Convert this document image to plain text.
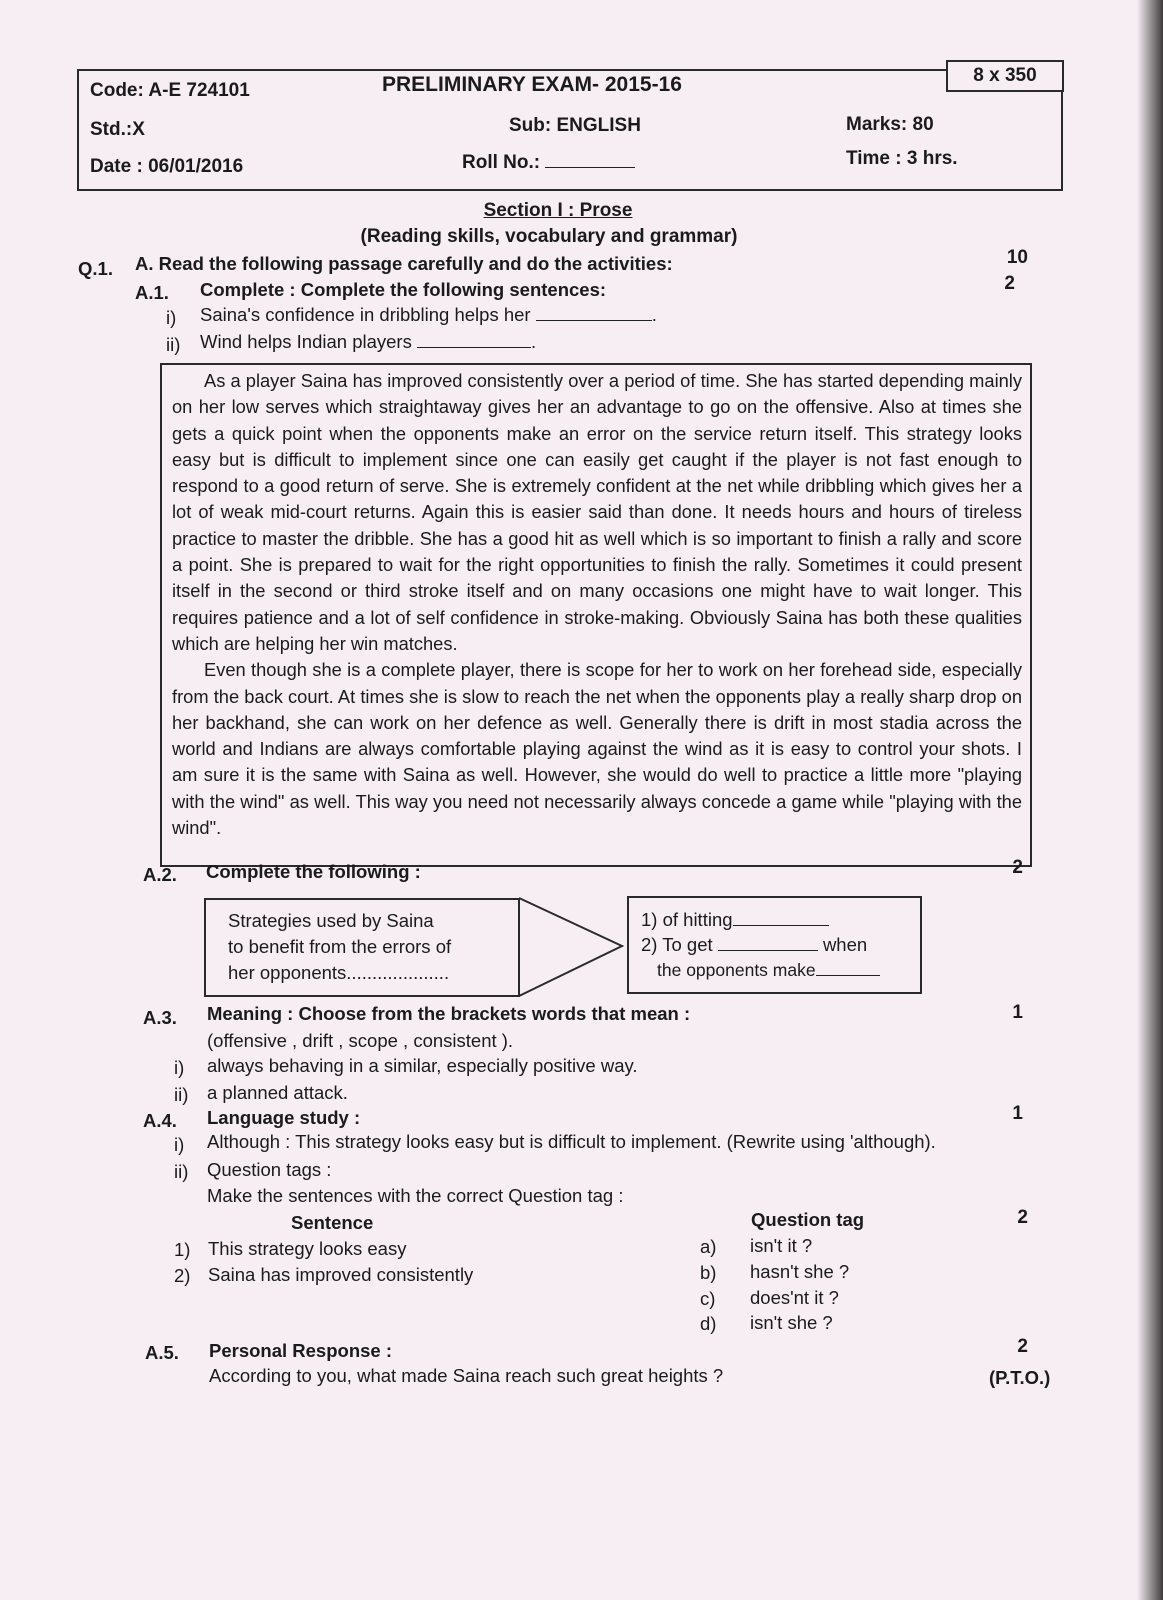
8 x 350
Code: A-E 724101	PRELIMINARY EXAM- 2015-16
Std.:X	Sub: ENGLISH	Marks: 80
Date : 06/01/2016	Roll No.:	Time : 3 hrs.
Section I : Prose
(Reading skills, vocabulary and grammar)
Q.1. A. Read the following passage carefully and do the activities:	10
A.1. Complete : Complete the following sentences:	2
i) Saina's confidence in dribbling helps her	.
ii) Wind helps Indian players	.

As a player Saina has improved consistently over a period of time. She has started depending mainly on her low serves which straightaway gives her an advantage to go on the offensive. Also at times she gets a quick point when the opponents make an error on the service return itself. This strategy looks easy but is difficult to implement since one can easily get caught if the player is not fast enough to respond to a good return of serve. She is extremely confident at the net while dribbling which gives her a lot of weak mid-court returns. Again this is easier said than done. It needs hours and hours of tireless practice to master the dribble. She has a good hit as well which is so important to finish a rally and score a point. She is prepared to wait for the right opportunities to finish the rally. Sometimes it could present itself in the second or third stroke itself and on many occasions one might have to wait longer. This requires patience and a lot of self confidence in stroke-making. Obviously Saina has both these qualities which are helping her win matches.

Even though she is a complete player, there is scope for her to work on her forehead side, especially from the back court. At times she is slow to reach the net when the opponents play a really sharp drop on her backhand, she can work on her defence as well. Generally there is drift in most stadia across the world and Indians are always comfortable playing against the wind as it is easy to control your shots. I am sure it is the same with Saina as well. However, she would do well to practice a little more "playing with the wind" as well. This way you need not necessarily always concede a game while "playing with the wind".

A.2. Complete the following :	2
Strategies used by Saina
to benefit from the errors of
her opponents....................
1) of hitting
2) To get	when
the opponents make
A.3. Meaning : Choose from the brackets words that mean :	1
(offensive , drift , scope , consistent ).
i) always behaving in a similar, especially positive way.
ii) a planned attack.
A.4. Language study :	1
i) Although : This strategy looks easy but is difficult to implement. (Rewrite using 'although).
ii) Question tags :
Make the sentences with the correct Question tag :
Sentence	Question tag	2
1) This strategy looks easy
2) Saina has improved consistently
a) isn't it ?
b) hasn't she ?
c) does'nt it ?
d) isn't she ?
A.5. Personal Response :	2
According to you, what made Saina reach such great heights ?	(P.T.O.)
